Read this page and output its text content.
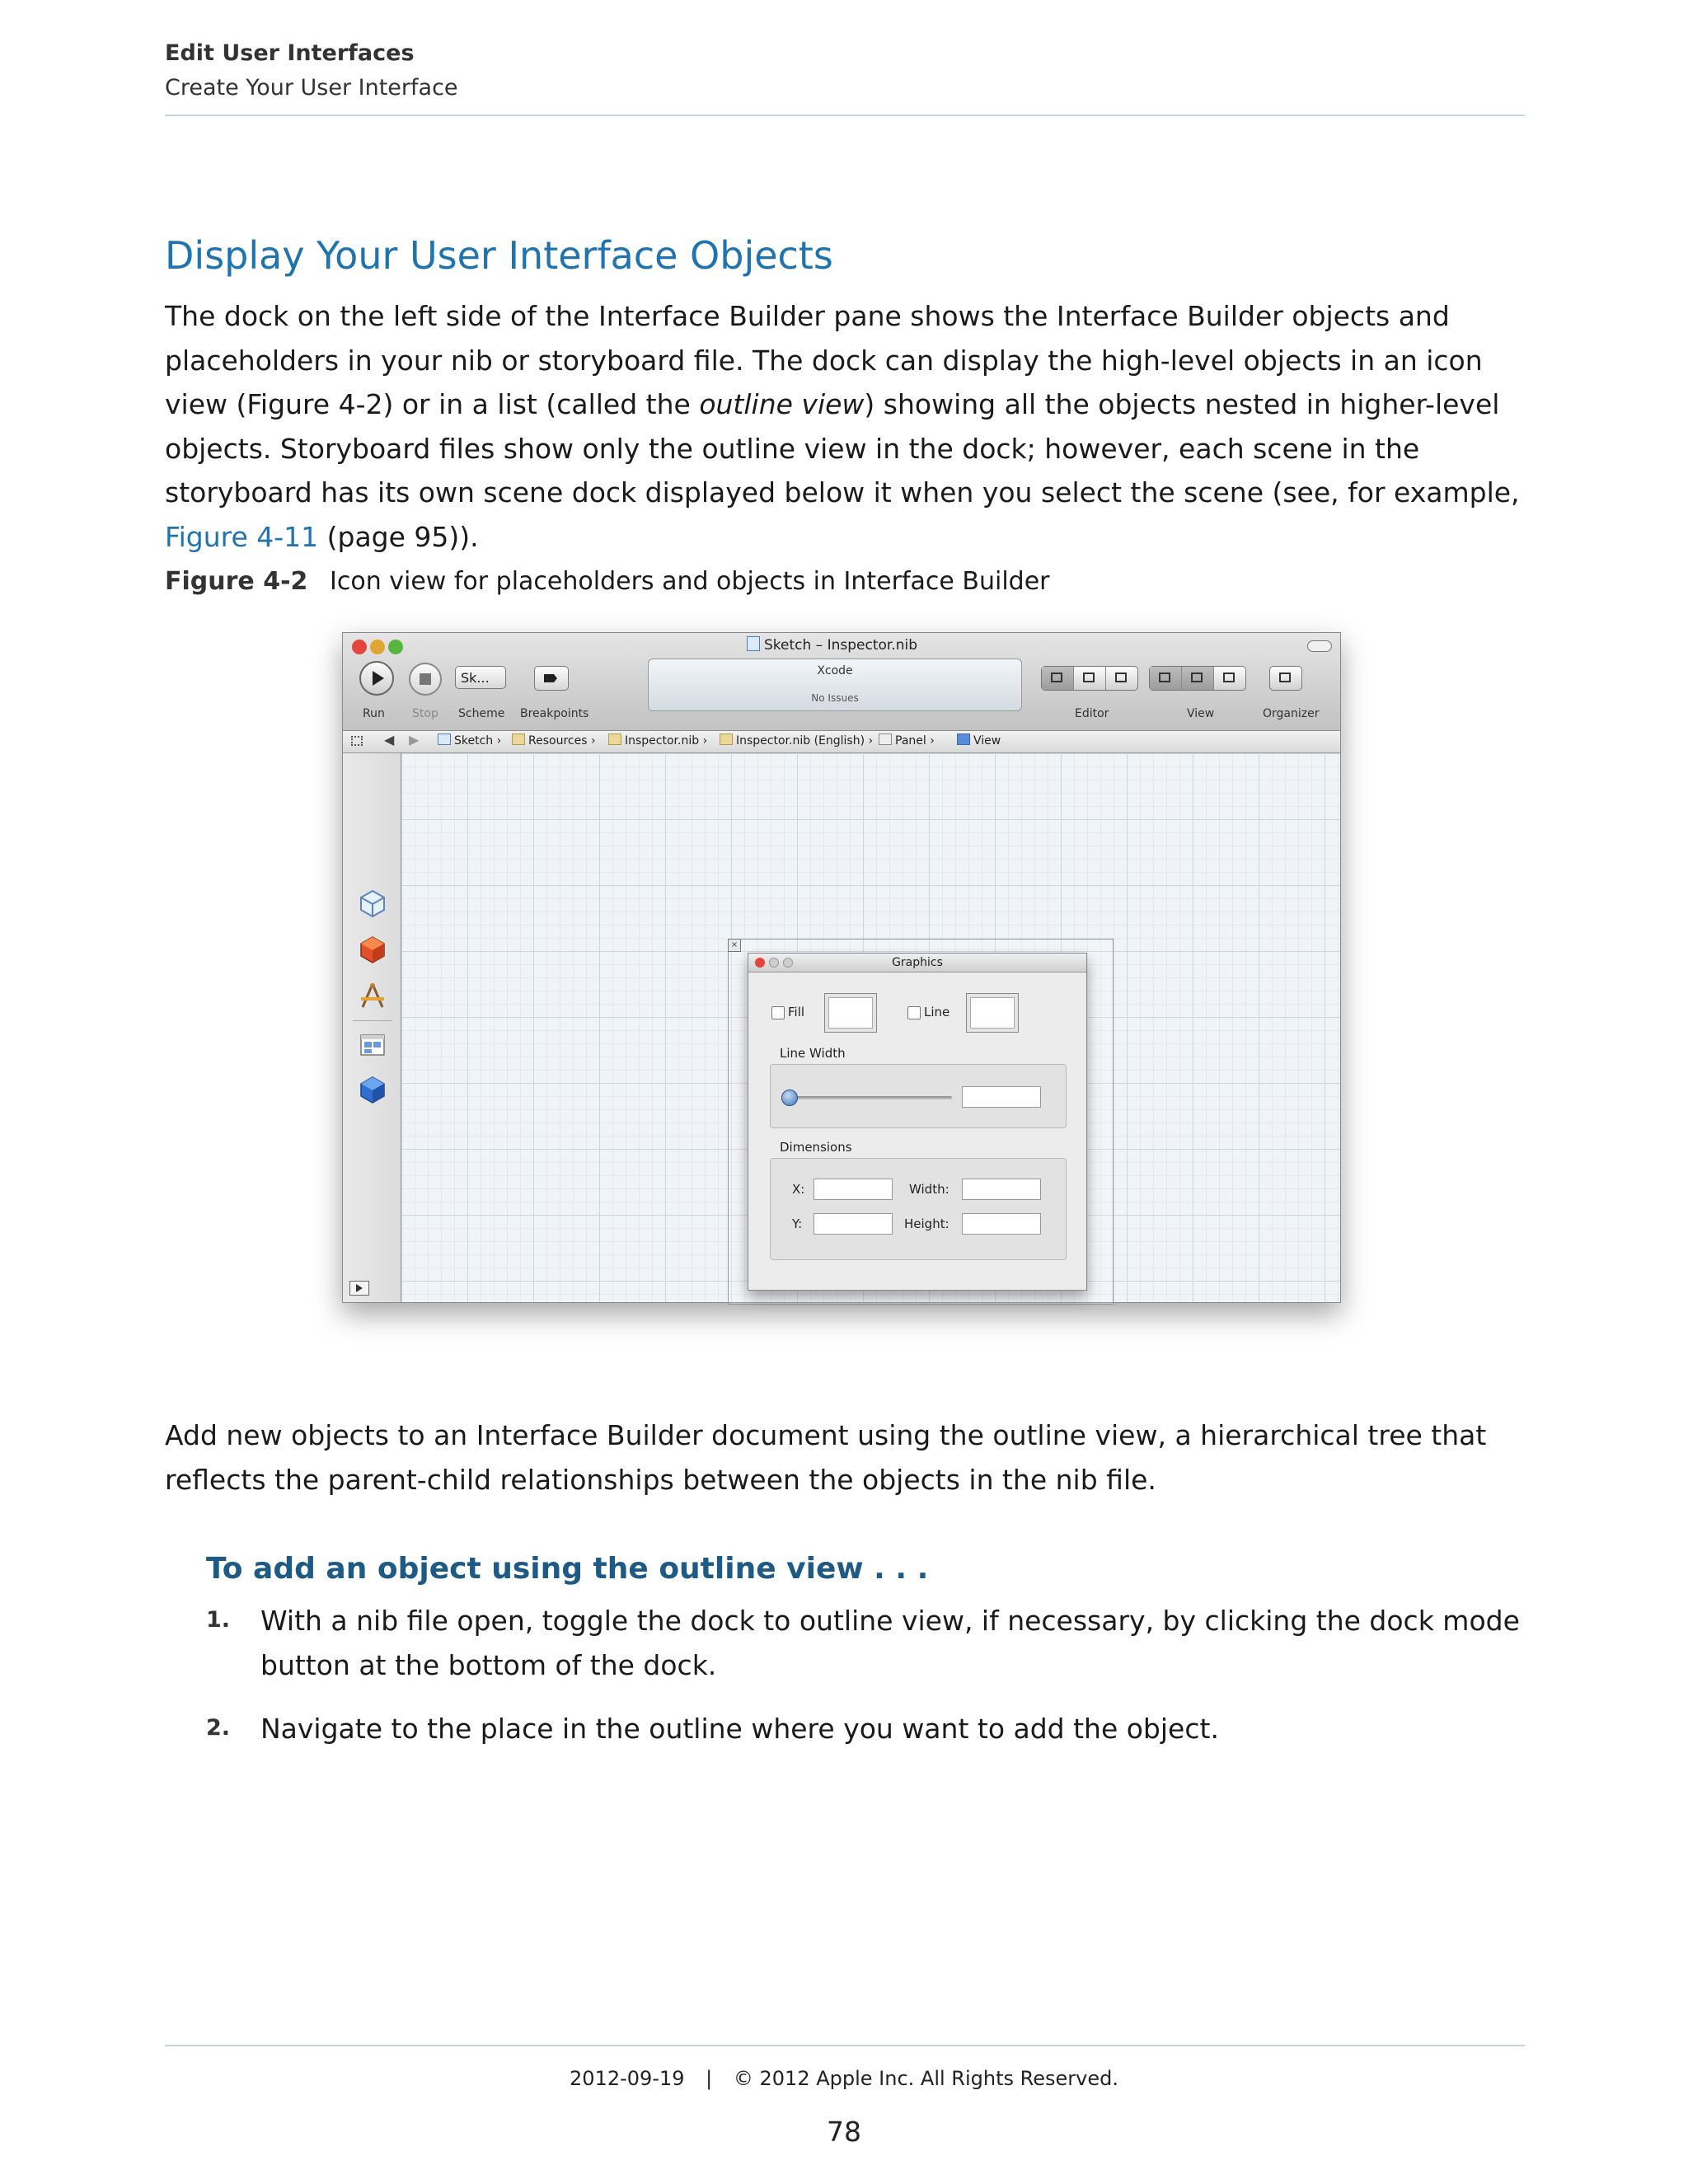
Edit User Interfaces
Create Your User Interface
Display Your User Interface Objects
The dock on the left side of the Interface Builder pane shows the Interface Builder objects and placeholders in your nib or storyboard file. The dock can display the high-level objects in an icon view (Figure 4-2) or in a list (called the outline view) showing all the objects nested in higher-level objects. Storyboard files show only the outline view in the dock; however, each scene in the storyboard has its own scene dock displayed below it when you select the scene (see, for example, Figure 4-11 (page 95)).
Figure 4-2 Icon view for placeholders and objects in Interface Builder
Sketch – Inspector.nib
Sk...
Run Stop Scheme Breakpoints
Xcode
No Issues
Editor	View	Organizer
◀ ▶	Sketch ›	Resources ›	Inspector.nib ›	Inspector.nib (English) ›	Panel ›	View
×
Graphics
Fill	Line
Line Width
Dimensions
X:	Width:
Y:	Height:
Add new objects to an Interface Builder document using the outline view, a hierarchical tree that reflects the parent-child relationships between the objects in the nib file.
To add an object using the outline view . . .
1. With a nib file open, toggle the dock to outline view, if necessary, by clicking the dock mode button at the bottom of the dock.
2. Navigate to the place in the outline where you want to add the object.
2012-09-19 | © 2012 Apple Inc. All Rights Reserved.
78
